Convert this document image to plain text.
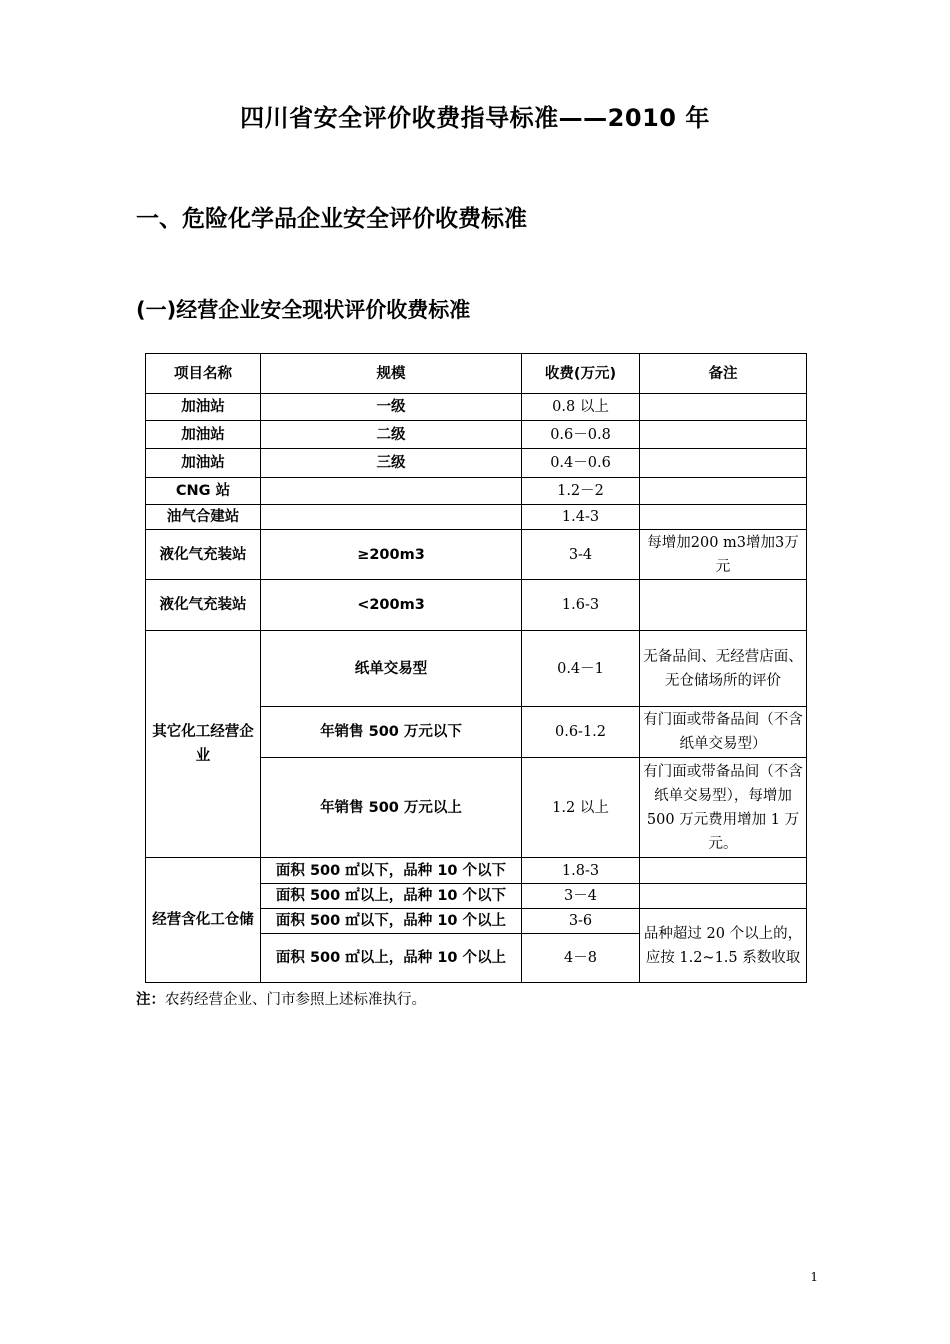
四川省安全评价收费指导标准——2010 年
一、危险化学品企业安全评价收费标准
(一)经营企业安全现状评价收费标准
项目名称	规模	收费(万元)	备注
加油站	一级	0.8 以上	
加油站	二级	0.6－0.8	
加油站	三级	0.4－0.6	
CNG 站		1.2－2	
油气合建站		1.4-3	
液化气充装站	≥200m3	3-4	每增加200 m3增加3万元
液化气充装站	<200m3	1.6-3	
其它化工经营企业	纸单交易型	0.4－1	无备品间、无经营店面、无仓储场所的评价
	年销售 500 万元以下	0.6-1.2	有门面或带备品间（不含纸单交易型）
	年销售 500 万元以上	1.2 以上	有门面或带备品间（不含纸单交易型），每增加 500 万元费用增加 1 万元。
经营含化工仓储	面积 500 ㎡以下，品种 10 个以下	1.8-3	
	面积 500 ㎡以上，品种 10 个以下	3－4	
	面积 500 ㎡以下，品种 10 个以上	3-6	品种超过 20 个以上的，应按 1.2~1.5 系数收取
	面积 500 ㎡以上，品种 10 个以上	4－8	
注：农药经营企业、门市参照上述标准执行。
1
